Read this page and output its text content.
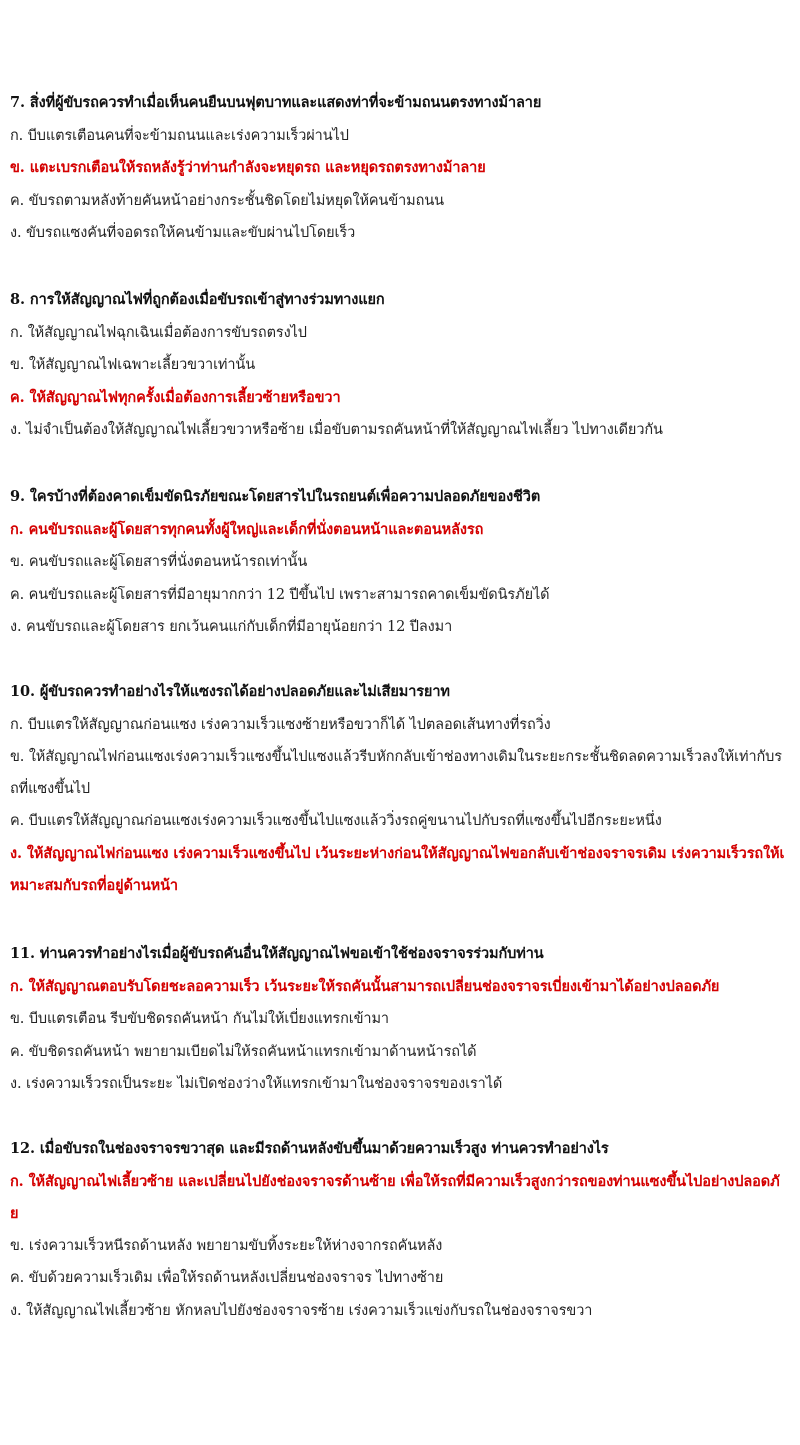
7. สิ่งที่ผู้ขับรถควรทำเมื่อเห็นคนยืนบนฟุตบาทและแสดงท่าที่จะข้ามถนนตรงทางม้าลาย
ก. บีบแตรเตือนคนที่จะข้ามถนนและเร่งความเร็วผ่านไป
ข. แตะเบรกเตือนให้รถหลังรู้ว่าท่านกำลังจะหยุดรถ และหยุดรถตรงทางม้าลาย
ค. ขับรถตามหลังท้ายคันหน้าอย่างกระชั้นชิดโดยไม่หยุดให้คนข้ามถนน
ง. ขับรถแซงคันที่จอดรถให้คนข้ามและขับผ่านไปโดยเร็ว
8. การให้สัญญาณไฟที่ถูกต้องเมื่อขับรถเข้าสู่ทางร่วมทางแยก
ก. ให้สัญญาณไฟฉุกเฉินเมื่อต้องการขับรถตรงไป
ข. ให้สัญญาณไฟเฉพาะเลี้ยวขวาเท่านั้น
ค. ให้สัญญาณไฟทุกครั้งเมื่อต้องการเลี้ยวซ้ายหรือขวา
ง. ไม่จำเป็นต้องให้สัญญาณไฟเลี้ยวขวาหรือซ้าย เมื่อขับตามรถคันหน้าที่ให้สัญญาณไฟเลี้ยว ไปทางเดียวกัน
9. ใครบ้างที่ต้องคาดเข็มขัดนิรภัยขณะโดยสารไปในรถยนต์เพื่อความปลอดภัยของชีวิต
ก. คนขับรถและผู้โดยสารทุกคนทั้งผู้ใหญ่และเด็กที่นั่งตอนหน้าและตอนหลังรถ
ข. คนขับรถและผู้โดยสารที่นั่งตอนหน้ารถเท่านั้น
ค. คนขับรถและผู้โดยสารที่มีอายุมากกว่า 12 ปีขึ้นไป เพราะสามารถคาดเข็มขัดนิรภัยได้
ง. คนขับรถและผู้โดยสาร ยกเว้นคนแก่กับเด็กที่มีอายุน้อยกว่า 12 ปีลงมา
10. ผู้ขับรถควรทำอย่างไรให้แซงรถได้อย่างปลอดภัยและไม่เสียมารยาท
ก. บีบแตรให้สัญญาณก่อนแซง เร่งความเร็วแซงซ้ายหรือขวาก็ได้ ไปตลอดเส้นทางที่รถวิ่ง
ข. ให้สัญญาณไฟก่อนแซงเร่งความเร็วแซงขึ้นไปแซงแล้วรีบหักกลับเข้าช่องทางเดิมในระยะกระชั้นชิดลดความเร็วลงให้เท่ากับรถที่แซงขึ้นไป
ค. บีบแตรให้สัญญาณก่อนแซงเร่งความเร็วแซงขึ้นไปแซงแล้ววิ่งรถคู่ขนานไปกับรถที่แซงขึ้นไปอีกระยะหนึ่ง
ง. ให้สัญญาณไฟก่อนแซง เร่งความเร็วแซงขึ้นไป เว้นระยะห่างก่อนให้สัญญาณไฟขอกลับเข้าช่องจราจรเดิม เร่งความเร็วรถให้เหมาะสมกับรถที่อยู่ด้านหน้า
11. ท่านควรทำอย่างไรเมื่อผู้ขับรถคันอื่นให้สัญญาณไฟขอเข้าใช้ช่องจราจรร่วมกับท่าน
ก. ให้สัญญาณตอบรับโดยชะลอความเร็ว เว้นระยะให้รถคันนั้นสามารถเปลี่ยนช่องจราจรเบี่ยงเข้ามาได้อย่างปลอดภัย
ข. บีบแตรเตือน รีบขับชิดรถคันหน้า กันไม่ให้เบี่ยงแทรกเข้ามา
ค. ขับชิดรถคันหน้า พยายามเบียดไม่ให้รถคันหน้าแทรกเข้ามาด้านหน้ารถได้
ง. เร่งความเร็วรถเป็นระยะ ไม่เปิดช่องว่างให้แทรกเข้ามาในช่องจราจรของเราได้
12. เมื่อขับรถในช่องจราจรขวาสุด และมีรถด้านหลังขับขึ้นมาด้วยความเร็วสูง ท่านควรทำอย่างไร
ก. ให้สัญญาณไฟเลี้ยวซ้าย และเปลี่ยนไปยังช่องจราจรด้านซ้าย เพื่อให้รถที่มีความเร็วสูงกว่ารถของท่านแซงขึ้นไปอย่างปลอดภัย
ข. เร่งความเร็วหนีรถด้านหลัง พยายามขับทิ้งระยะให้ห่างจากรถคันหลัง
ค. ขับด้วยความเร็วเดิม เพื่อให้รถด้านหลังเปลี่ยนช่องจราจร ไปทางซ้าย
ง. ให้สัญญาณไฟเลี้ยวซ้าย หักหลบไปยังช่องจราจรซ้าย เร่งความเร็วแข่งกับรถในช่องจราจรขวา
